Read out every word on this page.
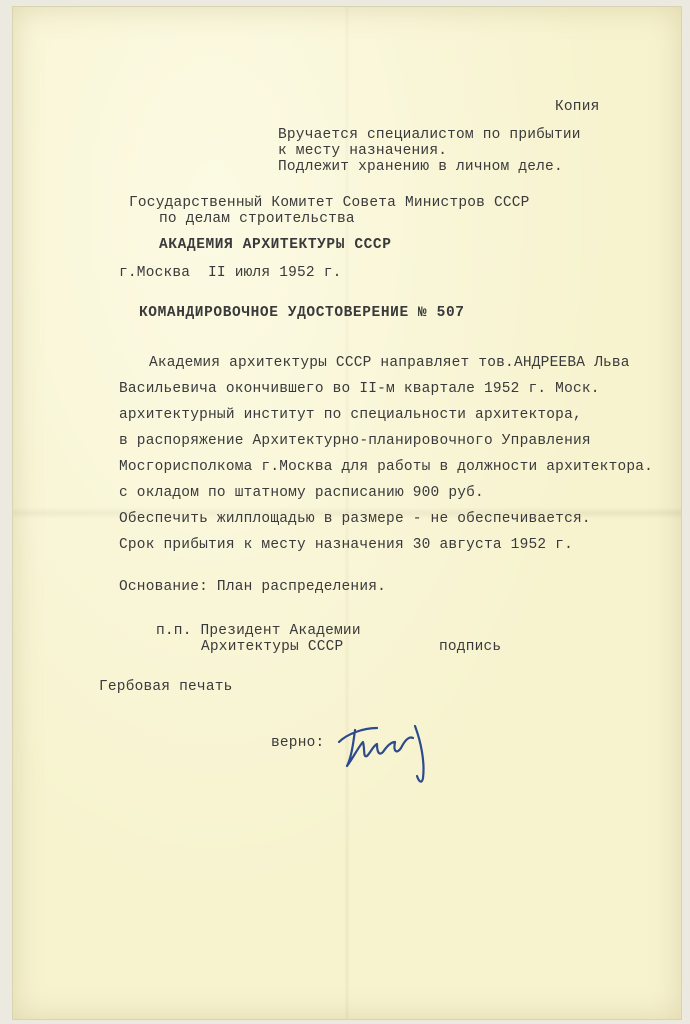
Копия
Вручается специалистом по прибытии
к месту назначения.
Подлежит хранению в личном деле.
Государственный Комитет Совета Министров СССР
по делам строительства
АКАДЕМИЯ АРХИТЕКТУРЫ СССР
г.Москва  II июля 1952 г.
КОМАНДИРОВОЧНОЕ УДОСТОВЕРЕНИЕ № 507
Академия архитектуры СССР направляет тов.АНДРЕЕВА Льва
Васильевича окончившего во II-м квартале 1952 г. Моск.
архитектурный институт по специальности архитектора,
в распоряжение Архитектурно-планировочного Управления
Мосгорисполкома г.Москва для работы в должности архитектора.
с окладом по штатному расписанию 900 руб.
Обеспечить жилплощадью в размере - не обеспечивается.
Срок прибытия к месту назначения 30 августа 1952 г.
Основание: План распределения.
п.п. Президент Академии
Архитектуры СССР	подпись
Гербовая печать
верно:
